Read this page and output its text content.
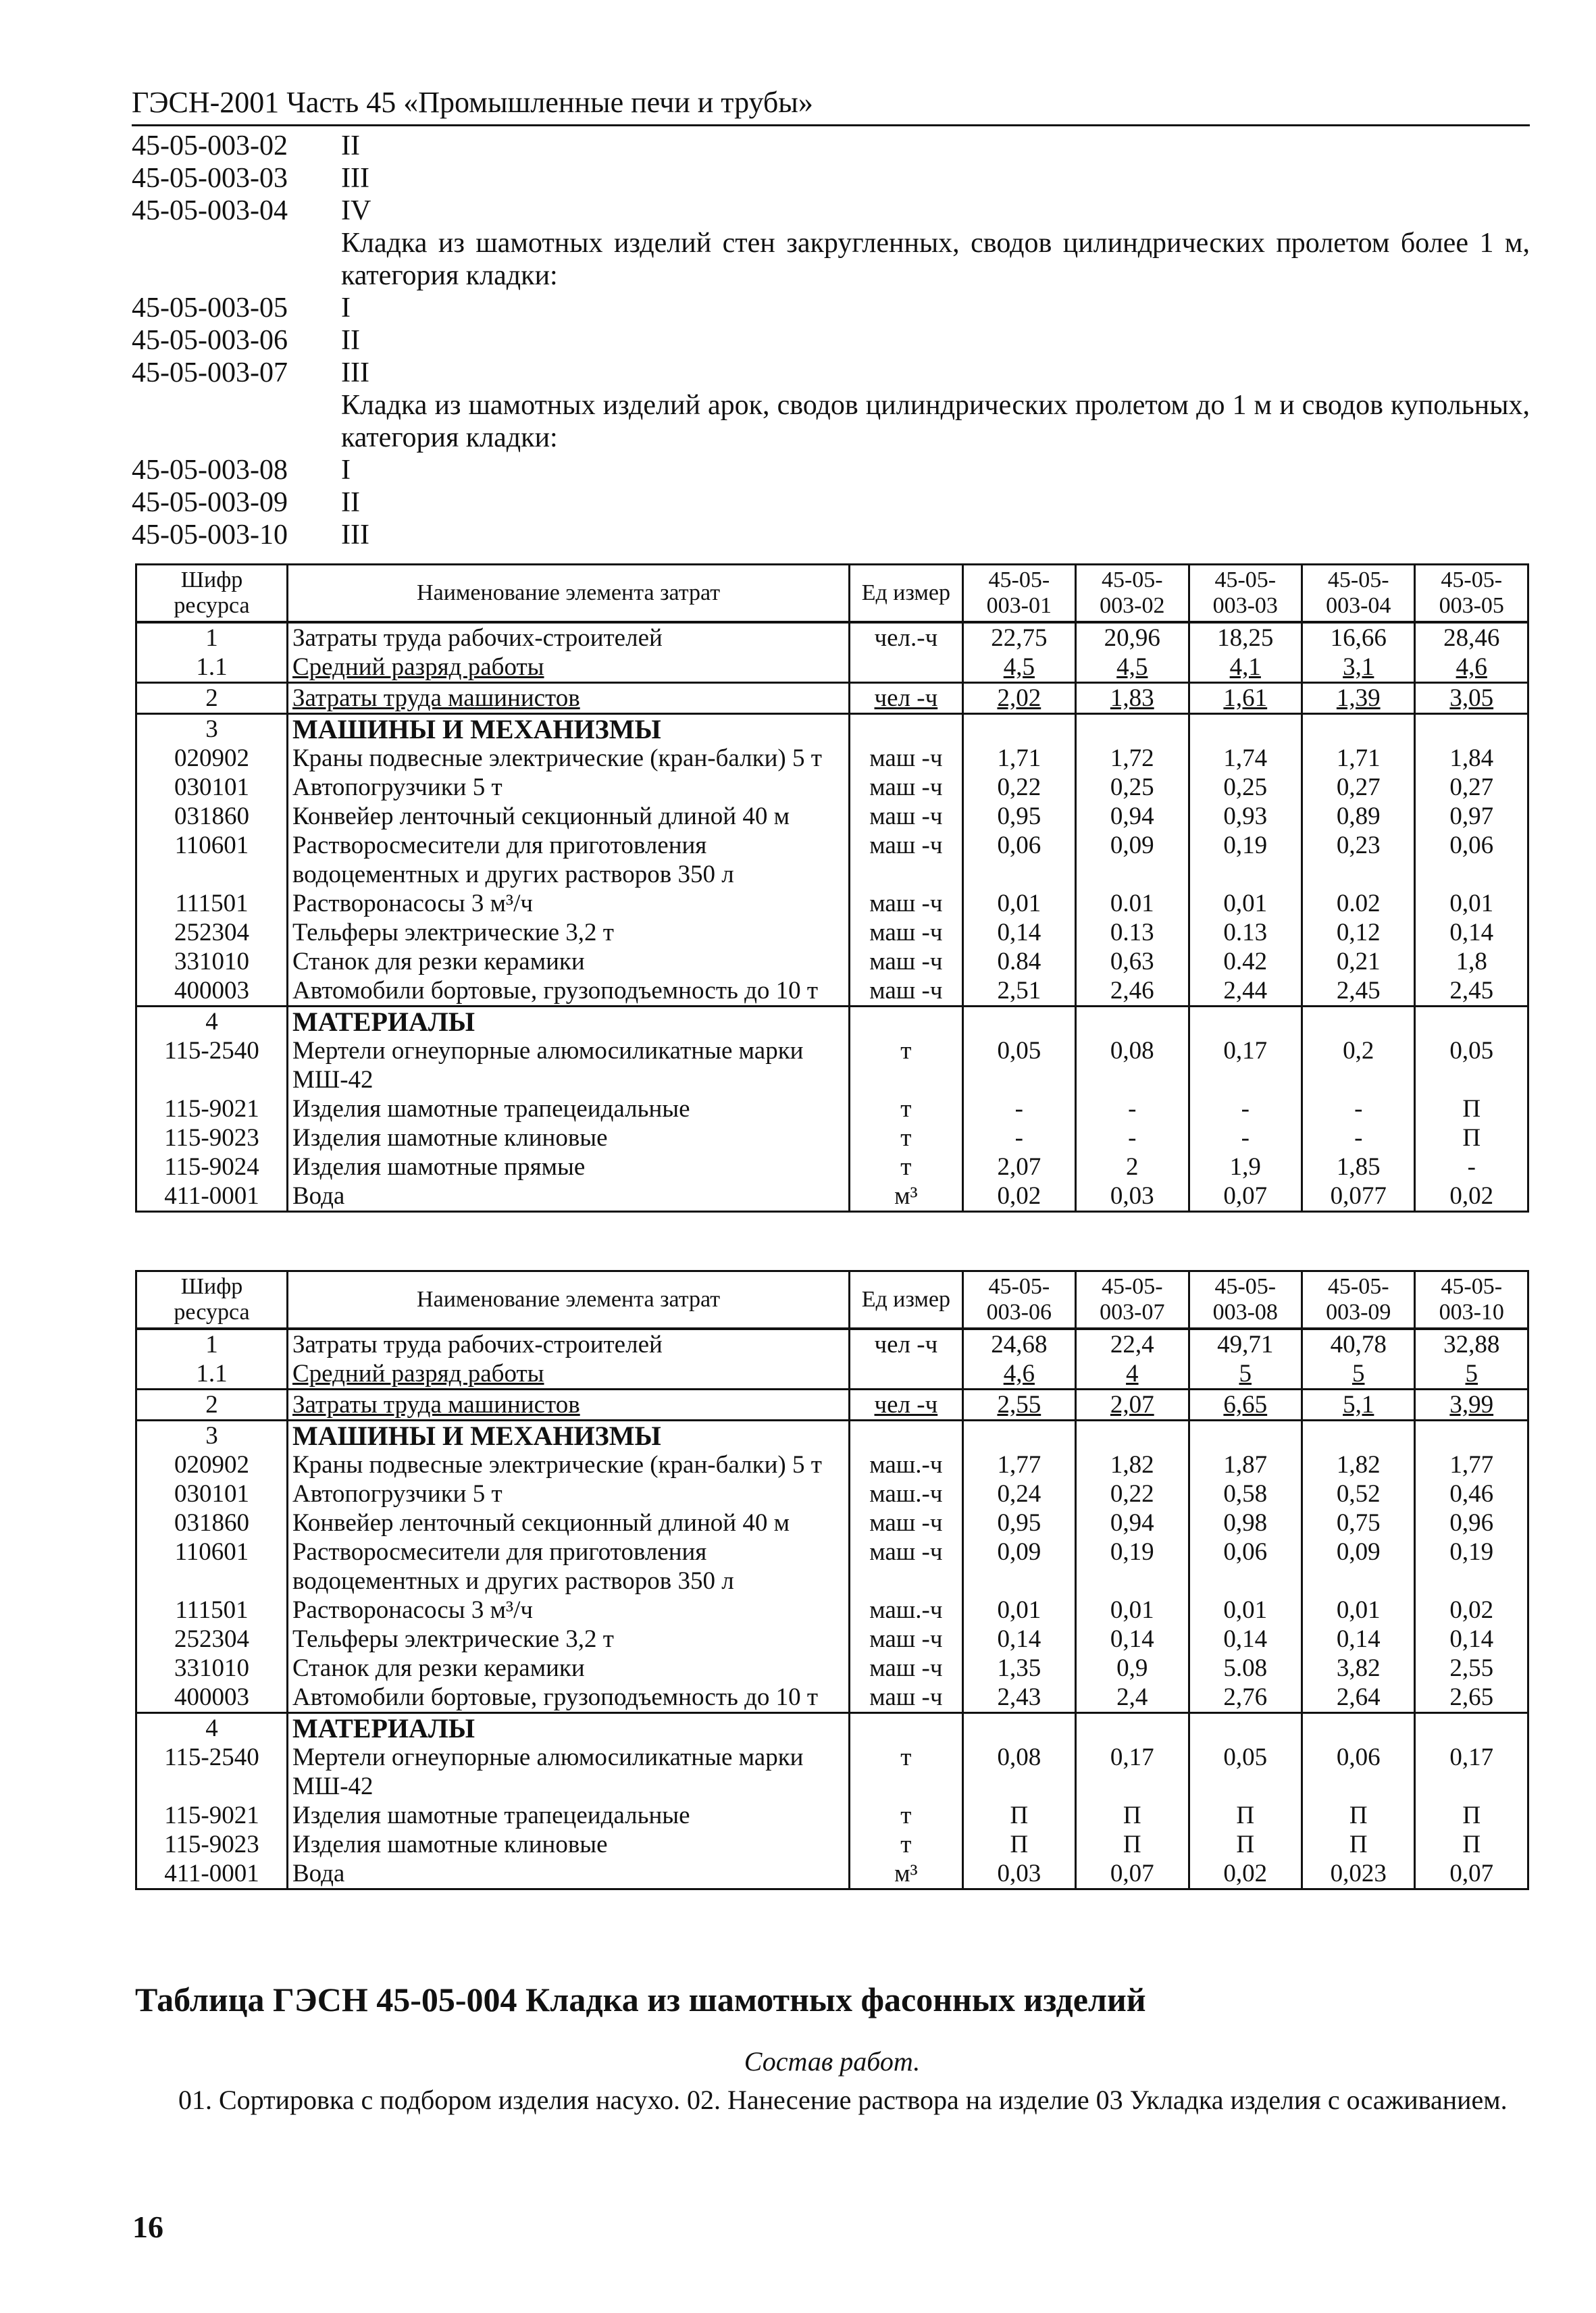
ГЭСН-2001 Часть 45 «Промышленные печи и трубы»
45-05-003-02	II
45-05-003-03	III
45-05-003-04	IV
Кладка из шамотных изделий стен закругленных, сводов цилиндрических пролетом более 1 м, категория кладки:
45-05-003-05	I
45-05-003-06	II
45-05-003-07	III
Кладка из шамотных изделий арок, сводов цилиндрических пролетом до 1 м и сводов купольных, категория кладки:
45-05-003-08	I
45-05-003-09	II
45-05-003-10	III
Шифр ресурса	Наименование элемента затрат	Ед измер	45-05-003-01	45-05-003-02	45-05-003-03	45-05-003-04	45-05-003-05
1	Затраты труда рабочих-строителей	чел.-ч	22,75	20,96	18,25	16,66	28,46
1.1	Средний разряд работы		4,5	4,5	4,1	3,1	4,6
2	Затраты труда машинистов	чел -ч	2,02	1,83	1,61	1,39	3,05
3	МАШИНЫ И МЕХАНИЗМЫ						
020902	Краны подвесные электрические (кран-балки) 5 т	маш -ч	1,71	1,72	1,74	1,71	1,84
030101	Автопогрузчики 5 т	маш -ч	0,22	0,25	0,25	0,27	0,27
031860	Конвейер ленточный секционный длиной 40 м	маш -ч	0,95	0,94	0,93	0,89	0,97
110601	Растворосмесители для приготовления водоцементных и других растворов 350 л	маш -ч	0,06	0,09	0,19	0,23	0,06
111501	Растворонасосы 3 м³/ч	маш -ч	0,01	0.01	0,01	0.02	0,01
252304	Тельферы электрические 3,2 т	маш -ч	0,14	0.13	0.13	0,12	0,14
331010	Станок для резки керамики	маш -ч	0.84	0,63	0.42	0,21	1,8
400003	Автомобили бортовые, грузоподъемность до 10 т	маш -ч	2,51	2,46	2,44	2,45	2,45
4	МАТЕРИАЛЫ						
115-2540	Мертели огнеупорные алюмосиликатные марки МШ-42	т	0,05	0,08	0,17	0,2	0,05
115-9021	Изделия шамотные трапецеидальные	т	-	-	-	-	П
115-9023	Изделия шамотные клиновые	т	-	-	-	-	П
115-9024	Изделия шамотные прямые	т	2,07	2	1,9	1,85	-
411-0001	Вода	м³	0,02	0,03	0,07	0,077	0,02
Шифр ресурса	Наименование элемента затрат	Ед измер	45-05-003-06	45-05-003-07	45-05-003-08	45-05-003-09	45-05-003-10
1	Затраты труда рабочих-строителей	чел -ч	24,68	22,4	49,71	40,78	32,88
1.1	Средний разряд работы		4,6	4	5	5	5
2	Затраты труда машинистов	чел -ч	2,55	2,07	6,65	5,1	3,99
3	МАШИНЫ И МЕХАНИЗМЫ						
020902	Краны подвесные электрические (кран-балки) 5 т	маш.-ч	1,77	1,82	1,87	1,82	1,77
030101	Автопогрузчики 5 т	маш.-ч	0,24	0,22	0,58	0,52	0,46
031860	Конвейер ленточный секционный длиной 40 м	маш -ч	0,95	0,94	0,98	0,75	0,96
110601	Растворосмесители для приготовления водоцементных и других растворов 350 л	маш -ч	0,09	0,19	0,06	0,09	0,19
111501	Растворонасосы 3 м³/ч	маш.-ч	0,01	0,01	0,01	0,01	0,02
252304	Тельферы электрические 3,2 т	маш -ч	0,14	0,14	0,14	0,14	0,14
331010	Станок для резки керамики	маш -ч	1,35	0,9	5.08	3,82	2,55
400003	Автомобили бортовые, грузоподъемность до 10 т	маш -ч	2,43	2,4	2,76	2,64	2,65
4	МАТЕРИАЛЫ						
115-2540	Мертели огнеупорные алюмосиликатные марки МШ-42	т	0,08	0,17	0,05	0,06	0,17
115-9021	Изделия шамотные трапецеидальные	т	П	П	П	П	П
115-9023	Изделия шамотные клиновые	т	П	П	П	П	П
411-0001	Вода	м³	0,03	0,07	0,02	0,023	0,07
Таблица ГЭСН 45-05-004 Кладка из шамотных фасонных изделий
Состав работ.
01. Сортировка с подбором изделия насухо. 02. Нанесение раствора на изделие 03 Укладка изделия с осаживанием.
16
